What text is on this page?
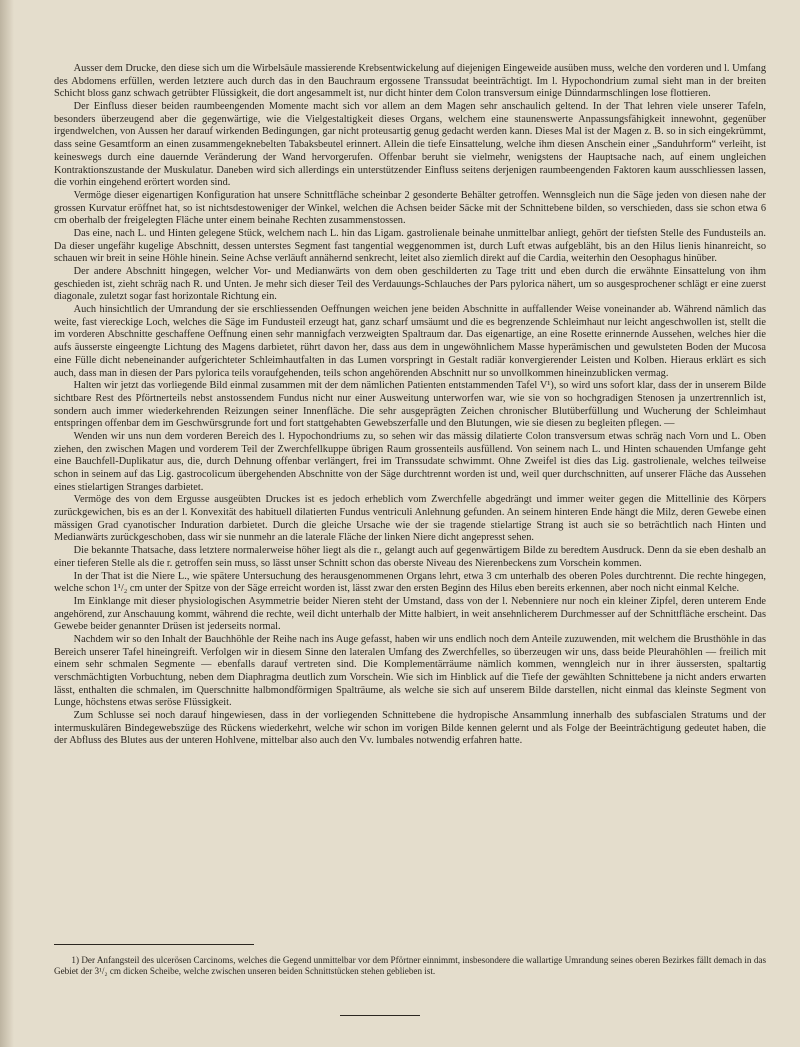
Ausser dem Drucke, den diese sich um die Wirbelsäule massierende Krebsentwickelung auf diejenigen Eingeweide ausüben muss, welche den vorderen und l. Umfang des Abdomens erfüllen, werden letztere auch durch das in den Bauchraum ergossene Transsudat beeinträchtigt. Im l. Hypochondrium zumal sieht man in der breiten Schicht bloss ganz schwach getrübter Flüssigkeit, die dort angesammelt ist, nur dicht hinter dem Colon transversum einige Dünndarmschlingen lose flottieren.

Der Einfluss dieser beiden raumbeengenden Momente macht sich vor allem an dem Magen sehr anschaulich geltend. In der That lehren viele unserer Tafeln, besonders überzeugend aber die gegenwärtige, wie die Vielgestaltigkeit dieses Organs, welchem eine staunenswerte Anpassungsfähigkeit innewohnt, gegenüber irgendwelchen, von Aussen her darauf wirkenden Bedingungen, gar nicht proteusartig genug gedacht werden kann. Dieses Mal ist der Magen z. B. so in sich eingekrümmt, dass seine Gesamtform an einen zusammengeknebelten Tabaksbeutel erinnert. Allein die tiefe Einsattelung, welche ihm diesen Anschein einer „Sanduhrform“ verleiht, ist keineswegs durch eine dauernde Veränderung der Wand hervorgerufen. Offenbar beruht sie vielmehr, wenigstens der Hauptsache nach, auf einem ungleichen Kontraktionszustande der Muskulatur. Daneben wird sich allerdings ein unterstützender Einfluss seitens derjenigen raumbeengenden Faktoren kaum ausschliessen lassen, die vorhin eingehend erörtert worden sind.

Vermöge dieser eigenartigen Konfiguration hat unsere Schnittfläche scheinbar 2 gesonderte Behälter getroffen. Wennsgleich nun die Säge jeden von diesen nahe der grossen Kurvatur eröffnet hat, so ist nichtsdestoweniger der Winkel, welchen die Achsen beider Säcke mit der Schnittebene bilden, so verschieden, dass sie schon etwa 6 cm oberhalb der freigelegten Fläche unter einem beinahe Rechten zusammenstossen.

Das eine, nach L. und Hinten gelegene Stück, welchem nach L. hin das Ligam. gastrolienale beinahe unmittelbar anliegt, gehört der tiefsten Stelle des Fundusteils an. Da dieser ungefähr kugelige Abschnitt, dessen unterstes Segment fast tangential weggenommen ist, durch Luft etwas aufgebläht, bis an den Hilus lienis hinanreicht, so schauen wir breit in seine Höhle hinein. Seine Achse verläuft annähernd senkrecht, leitet also ziemlich direkt auf die Cardia, weiterhin den Oesophagus hinüber.

Der andere Abschnitt hingegen, welcher Vor- und Medianwärts von dem oben geschilderten zu Tage tritt und eben durch die erwähnte Einsattelung von ihm geschieden ist, zieht schräg nach R. und Unten. Je mehr sich dieser Teil des Verdauungs-Schlauches der Pars pylorica nähert, um so ausgesprochener schlägt er eine zuerst diagonale, zuletzt sogar fast horizontale Richtung ein.

Auch hinsichtlich der Umrandung der sie erschliessenden Oeffnungen weichen jene beiden Abschnitte in auffallender Weise voneinander ab. Während nämlich das weite, fast viereckige Loch, welches die Säge im Fundusteil erzeugt hat, ganz scharf umsäumt und die es begrenzende Schleimhaut nur leicht angeschwollen ist, stellt die im vorderen Abschnitte geschaffene Oeffnung einen sehr mannigfach verzweigten Spaltraum dar. Das eigenartige, an eine Rosette erinnernde Aussehen, welches hier die aufs äusserste eingeengte Lichtung des Magens darbietet, rührt davon her, dass aus dem in ungewöhnlichem Masse hyperämischen und gewulsteten Boden der Mucosa eine Fülle dicht nebeneinander aufgerichteter Schleimhautfalten in das Lumen vorspringt in Gestalt radiär konvergierender Leisten und Kolben. Hieraus erklärt es sich auch, dass man in diesen der Pars pylorica teils voraufgehenden, teils schon angehörenden Abschnitt nur so unvollkommen hineinzublicken vermag.

Halten wir jetzt das vorliegende Bild einmal zusammen mit der dem nämlichen Patienten entstammenden Tafel V¹), so wird uns sofort klar, dass der in unserem Bilde sichtbare Rest des Pförtnerteils nebst anstossendem Fundus nicht nur einer Ausweitung unterworfen war, wie sie von so hochgradigen Stenosen ja unzertrennlich ist, sondern auch immer wiederkehrenden Reizungen seiner Innenfläche. Die sehr ausgeprägten Zeichen chronischer Blutüberfüllung und Wucherung der Schleimhaut entspringen offenbar dem im Geschwürsgrunde fort und fort stattgehabten Gewebszerfalle und den Blutungen, wie sie diesen zu begleiten pflegen. —

Wenden wir uns nun dem vorderen Bereich des l. Hypochondriums zu, so sehen wir das mässig dilatierte Colon transversum etwas schräg nach Vorn und L. Oben ziehen, den zwischen Magen und vorderem Teil der Zwerchfellkuppe übrigen Raum grossenteils ausfüllend. Von seinem nach L. und Hinten schauenden Umfange geht eine Bauchfell-Duplikatur aus, die, durch Dehnung offenbar verlängert, frei im Transsudate schwimmt. Ohne Zweifel ist dies das Lig. gastrolienale, welches teilweise schon in seinem auf das Lig. gastrocolicum übergehenden Abschnitte von der Säge durchtrennt worden ist und, weil quer durchschnitten, auf unserer Fläche das Aussehen eines stielartigen Stranges darbietet.

Vermöge des von dem Ergusse ausgeübten Druckes ist es jedoch erheblich vom Zwerchfelle abgedrängt und immer weiter gegen die Mittellinie des Körpers zurückgewichen, bis es an der l. Konvexität des habituell dilatierten Fundus ventriculi Anlehnung gefunden. An seinem hinteren Ende hängt die Milz, deren Gewebe einen mässigen Grad cyanotischer Induration darbietet. Durch die gleiche Ursache wie der sie tragende stielartige Strang ist auch sie so beträchtlich nach Hinten und Medianwärts zurückgeschoben, dass wir sie nunmehr an die laterale Fläche der linken Niere dicht angepresst sehen.

Die bekannte Thatsache, dass letztere normalerweise höher liegt als die r., gelangt auch auf gegenwärtigem Bilde zu beredtem Ausdruck. Denn da sie eben deshalb an einer tieferen Stelle als die r. getroffen sein muss, so lässt unser Schnitt schon das oberste Niveau des Nierenbeckens zum Vorschein kommen.

In der That ist die Niere L., wie spätere Untersuchung des herausgenommenen Organs lehrt, etwa 3 cm unterhalb des oberen Poles durchtrennt. Die rechte hingegen, welche schon 1¹/₂ cm unter der Spitze von der Säge erreicht worden ist, lässt zwar den ersten Beginn des Hilus eben bereits erkennen, aber noch nicht einmal Kelche.

Im Einklange mit dieser physiologischen Asymmetrie beider Nieren steht der Umstand, dass von der l. Nebenniere nur noch ein kleiner Zipfel, deren unterem Ende angehörend, zur Anschauung kommt, während die rechte, weil dicht unterhalb der Mitte halbiert, in weit ansehnlicherem Durchmesser auf der Schnittfläche erscheint. Das Gewebe beider genannter Drüsen ist jederseits normal.

Nachdem wir so den Inhalt der Bauchhöhle der Reihe nach ins Auge gefasst, haben wir uns endlich noch dem Anteile zuzuwenden, mit welchem die Brusthöhle in das Bereich unserer Tafel hineingreift. Verfolgen wir in diesem Sinne den lateralen Umfang des Zwerchfelles, so überzeugen wir uns, dass beide Pleurahöhlen — freilich mit einem sehr schmalen Segmente — ebenfalls darauf vertreten sind. Die Komplementärräume nämlich kommen, wenngleich nur in ihrer äussersten, spaltartig verschmächtigten Vorbuchtung, neben dem Diaphragma deutlich zum Vorschein. Wie sich im Hinblick auf die Tiefe der gewählten Schnittebene ja nicht anders erwarten lässt, enthalten die schmalen, im Querschnitte halbmondförmigen Spalträume, als welche sie sich auf unserem Bilde darstellen, nicht einmal das kleinste Segment von Lunge, höchstens etwas seröse Flüssigkeit.

Zum Schlusse sei noch darauf hingewiesen, dass in der vorliegenden Schnittebene die hydropische Ansammlung innerhalb des subfascialen Stratums und der intermuskulären Bindegewebszüge des Rückens wiederkehrt, welche wir schon im vorigen Bilde kennen gelernt und als Folge der Beeinträchtigung gedeutet haben, die der Abfluss des Blutes aus der unteren Hohlvene, mittelbar also auch den Vv. lumbales notwendig erfahren hatte.

1) Der Anfangsteil des ulcerösen Carcinoms, welches die Gegend unmittelbar vor dem Pförtner einnimmt, insbesondere die wallartige Umrandung seines oberen Bezirkes fällt demach in das Gebiet der 3¹/₂ cm dicken Scheibe, welche zwischen unseren beiden Schnittstücken stehen geblieben ist.
